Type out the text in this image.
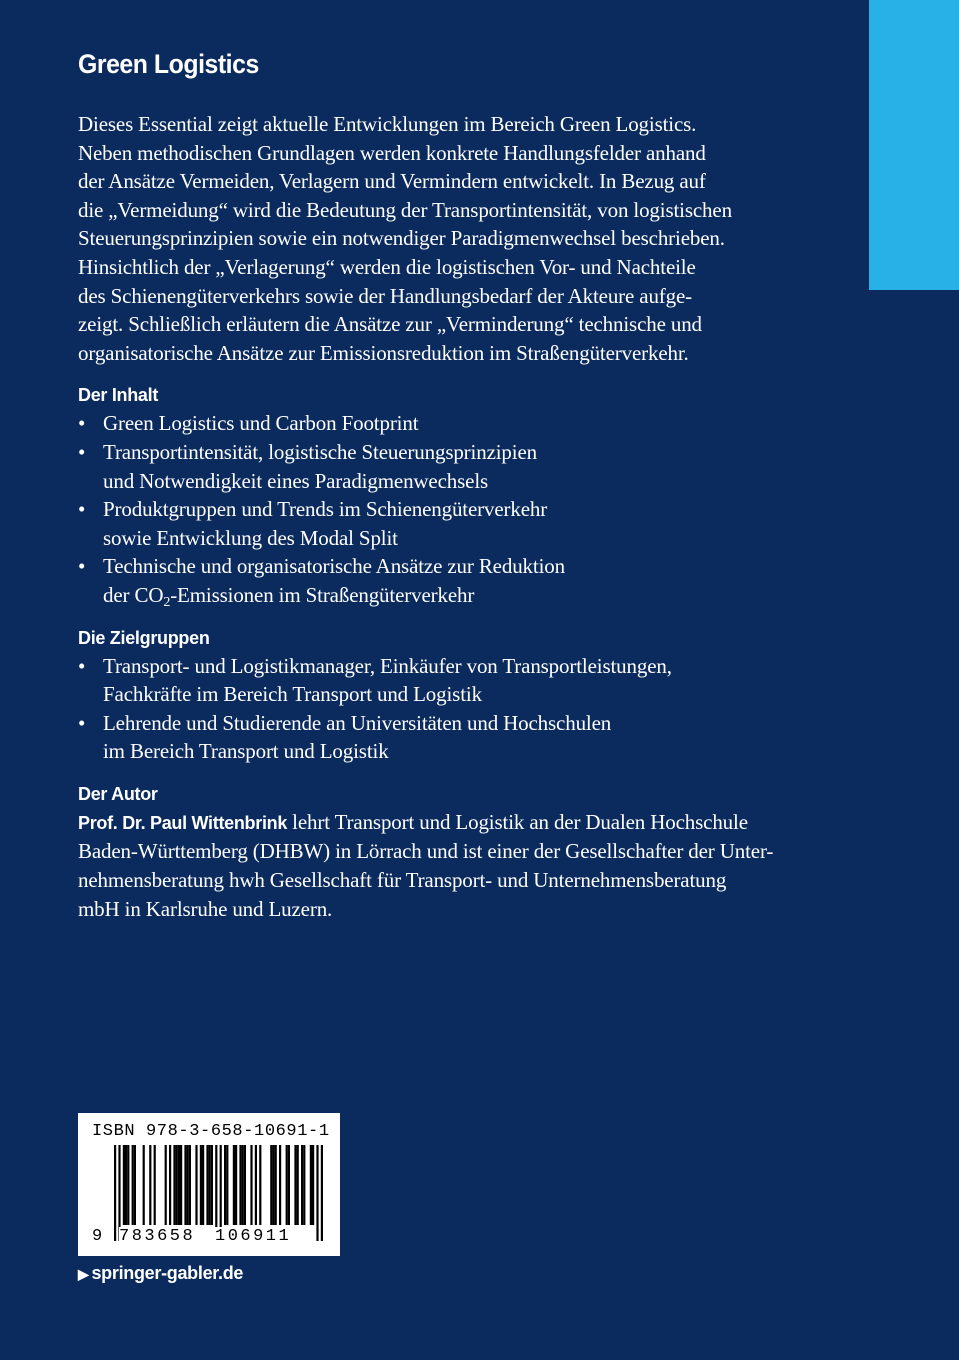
Green Logistics

Dieses Essential zeigt aktuelle Entwicklungen im Bereich Green Logistics.
Neben methodischen Grundlagen werden konkrete Handlungsfelder anhand
der Ansätze Vermeiden, Verlagern und Vermindern entwickelt. In Bezug auf
die „Vermeidung“ wird die Bedeutung der Transportintensität, von logistischen
Steuerungsprinzipien sowie ein notwendiger Paradigmenwechsel beschrieben.
Hinsichtlich der „Verlagerung“ werden die logistischen Vor- und Nachteile
des Schienengüterverkehrs sowie der Handlungsbedarf der Akteure aufge-
zeigt. Schließlich erläutern die Ansätze zur „Verminderung“ technische und
organisatorische Ansätze zur Emissionsreduktion im Straßengüterverkehr.

Der Inhalt
• Green Logistics und Carbon Footprint
• Transportintensität, logistische Steuerungsprinzipien
und Notwendigkeit eines Paradigmenwechsels
• Produktgruppen und Trends im Schienengüterverkehr
sowie Entwicklung des Modal Split
• Technische und organisatorische Ansätze zur Reduktion
der $CO_2$-Emissionen im Straßengüterverkehr
Die Zielgruppen
• Transport- und Logistikmanager, Einkäufer von Transportleistungen,
Fachkräfte im Bereich Transport und Logistik
• Lehrende und Studierende an Universitäten und Hochschulen
im Bereich Transport und Logistik
Der Autor

Prof. Dr. Paul Wittenbrink lehrt Transport und Logistik an der Dualen Hochschule
Baden-Württemberg (DHBW) in Lörrach und ist einer der Gesellschafter der Unter-
nehmensberatung hwh Gesellschaft für Transport- und Unternehmensberatung
mbH in Karlsruhe und Luzern.

ISBN 978-3-658-10691-1
9 783658 106911
▶ springer-gabler.de
